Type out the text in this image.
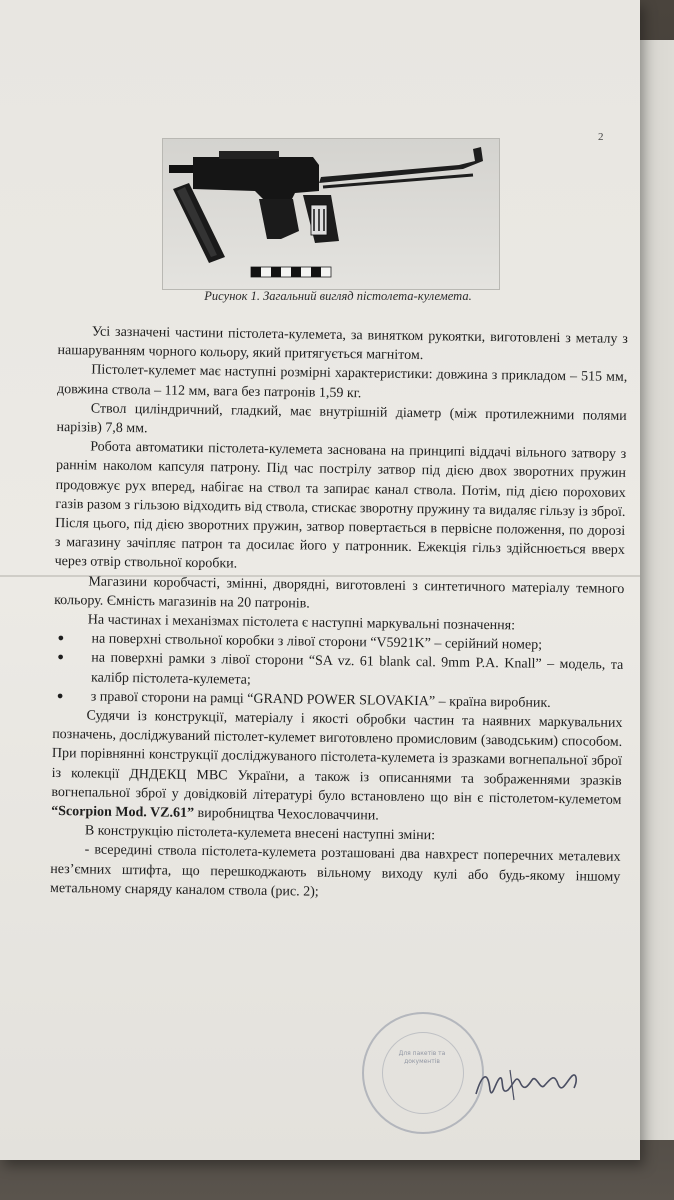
2
Рисунок 1. Загальний вигляд пістолета-кулемета.

Усі зазначені частини пістолета-кулемета, за винятком рукоятки, виготовлені з металу з нашаруванням чорного кольору, який притягується магнітом.

Пістолет-кулемет має наступні розмірні характеристики: довжина з прикладом – 515 мм, довжина ствола – 112 мм, вага без патронів 1,59 кг.

Ствол циліндричний, гладкий, має внутрішній діаметр (між протилежними полями нарізів) 7,8 мм.

Робота автоматики пістолета-кулемета заснована на принципі віддачі вільного затвору з раннім наколом капсуля патрону. Під час пострілу затвор під дією двох зворотних пружин продовжує рух вперед, набігає на ствол та запирає канал ствола. Потім, під дією порохових газів разом з гільзою відходить від ствола, стискає зворотну пружину та видаляє гільзу із зброї. Після цього, під дією зворотних пружин, затвор повертається в первісне положення, по дорозі з магазину зачіпляє патрон та досилає його у патронник. Ежекція гільз здійснюється вверх через отвір ствольної коробки.

Магазини коробчасті, змінні, дворядні, виготовлені з синтетичного матеріалу темного кольору. Ємність магазинів на 20 патронів.

На частинах і механізмах пістолета є наступні маркувальні позначення:

●	на поверхні ствольної коробки з лівої сторони “V5921K” – серійний номер;
●	на поверхні рамки з лівої сторони “SA vz. 61 blank cal. 9mm P.A. Knall” – модель, та калібр пістолета-кулемета;
●	з правої сторони на рамці “GRAND POWER SLOVAKIA” – країна виробник.

Судячи із конструкції, матеріалу і якості обробки частин та наявних маркувальних позначень, досліджуваний пістолет-кулемет виготовлено промисловим (заводським) способом. При порівнянні конструкції досліджуваного пістолета-кулемета із зразками вогнепальної зброї із колекції ДНДЕКЦ МВС України, а також із описаннями та зображеннями зразків вогнепальної зброї у довідковій літературі було встановлено що він є пістолетом-кулеметом “Scorpion Mod. VZ.61” виробництва Чехословаччини.

В конструкцію пістолета-кулемета внесені наступні зміни:

- всередині ствола пістолета-кулемета розташовані два навхрест поперечних металевих нез’ємних штифта, що перешкоджають вільному виходу кулі або будь-якому іншому метальному снаряду каналом ствола (рис. 2);

Для пакетів та документів
